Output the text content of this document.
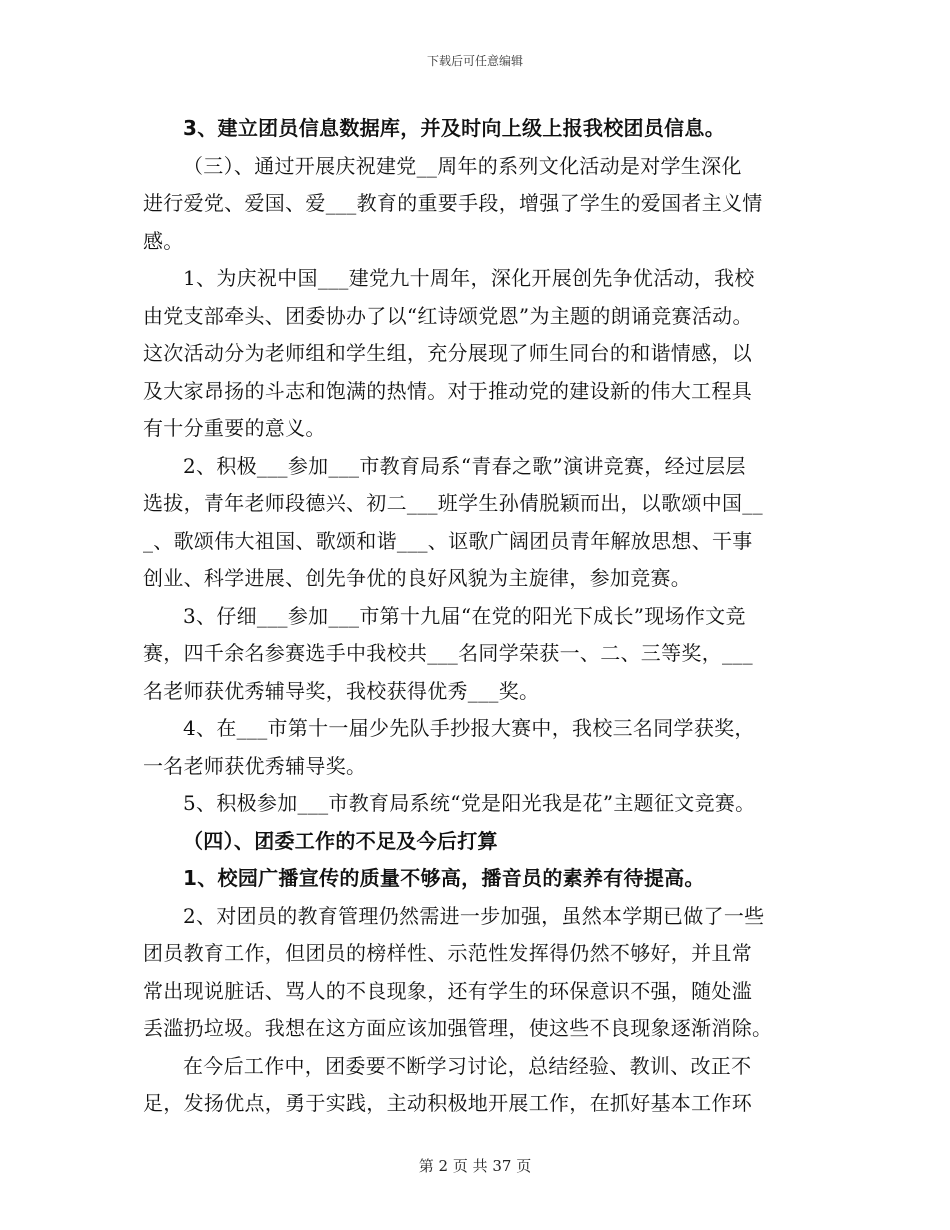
下载后可任意编辑
3、建立团员信息数据库，并及时向上级上报我校团员信息。
（三）、通过开展庆祝建党__周年的系列文化活动是对学生深化
进行爱党、爱国、爱___教育的重要手段，增强了学生的爱国者主义情
感。
1、为庆祝中国___建党九十周年，深化开展创先争优活动，我校
由党支部牵头、团委协办了以“红诗颂党恩”为主题的朗诵竞赛活动。
这次活动分为老师组和学生组，充分展现了师生同台的和谐情感，以
及大家昂扬的斗志和饱满的热情。对于推动党的建设新的伟大工程具
有十分重要的意义。
2、积极___参加___市教育局系“青春之歌”演讲竞赛，经过层层
选拔，青年老师段德兴、初二___班学生孙倩脱颖而出，以歌颂中国__
_、歌颂伟大祖国、歌颂和谐___、讴歌广阔团员青年解放思想、干事
创业、科学进展、创先争优的良好风貌为主旋律，参加竞赛。
3、仔细___参加___市第十九届“在党的阳光下成长”现场作文竞
赛，四千余名参赛选手中我校共___名同学荣获一、二、三等奖，___
名老师获优秀辅导奖，我校获得优秀___奖。
4、在___市第十一届少先队手抄报大赛中，我校三名同学获奖，
一名老师获优秀辅导奖。
5、积极参加___市教育局系统“党是阳光我是花”主题征文竞赛。
（四）、团委工作的不足及今后打算
1、校园广播宣传的质量不够高，播音员的素养有待提高。
2、对团员的教育管理仍然需进一步加强，虽然本学期已做了一些
团员教育工作，但团员的榜样性、示范性发挥得仍然不够好，并且常
常出现说脏话、骂人的不良现象，还有学生的环保意识不强，随处滥
丢滥扔垃圾。我想在这方面应该加强管理，使这些不良现象逐渐消除。
在今后工作中，团委要不断学习讨论，总结经验、教训、改正不
足，发扬优点，勇于实践，主动积极地开展工作，在抓好基本工作环
第 2 页 共 37 页
